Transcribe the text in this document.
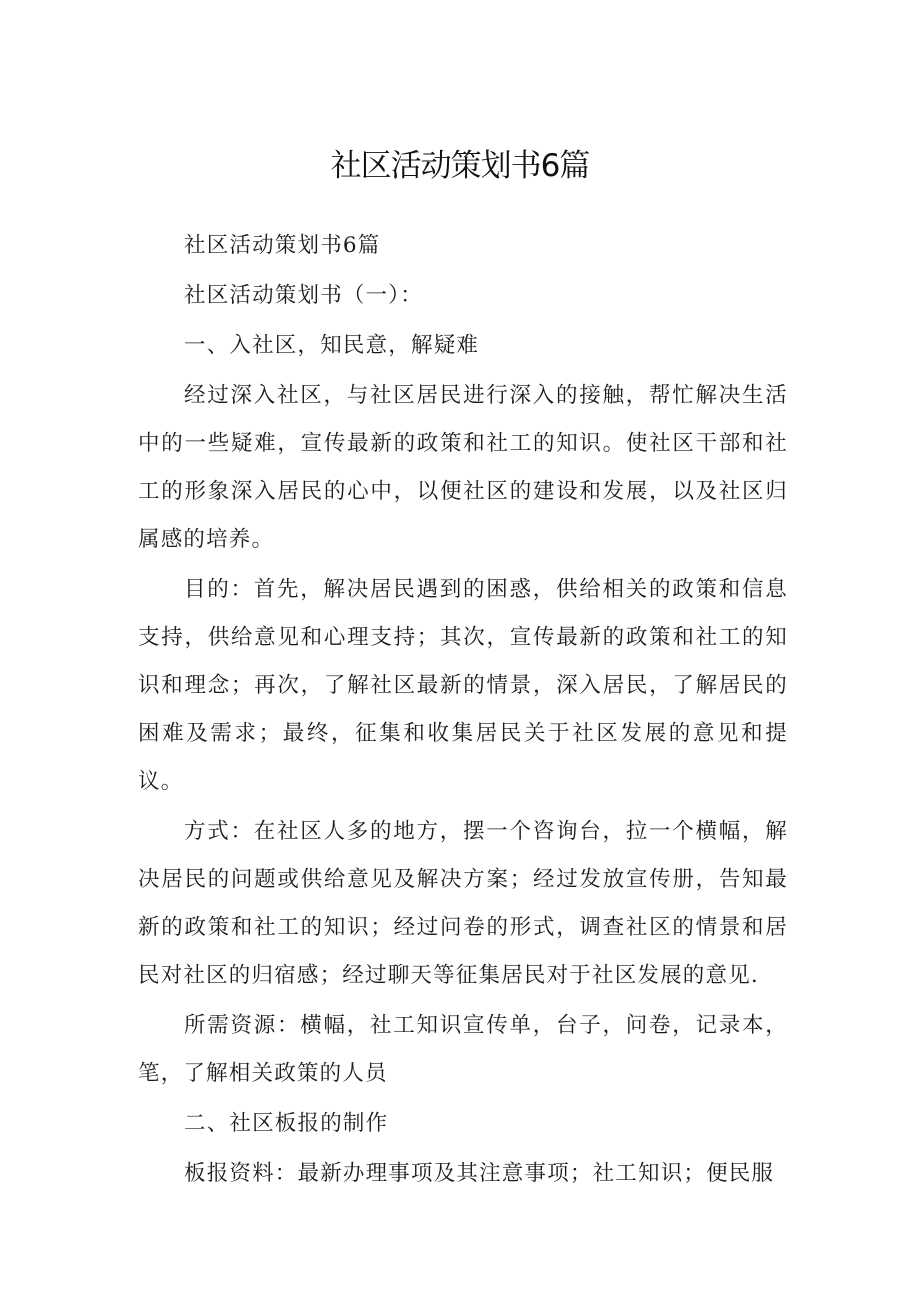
社区活动策划书6篇

社区活动策划书6篇

社区活动策划书（一）：

一、入社区，知民意，解疑难

经过深入社区，与社区居民进行深入的接触，帮忙解决生活中的一些疑难，宣传最新的政策和社工的知识。使社区干部和社工的形象深入居民的心中，以便社区的建设和发展，以及社区归属感的培养。

目的：首先，解决居民遇到的困惑，供给相关的政策和信息支持，供给意见和心理支持；其次，宣传最新的政策和社工的知识和理念；再次，了解社区最新的情景，深入居民，了解居民的困难及需求；最终，征集和收集居民关于社区发展的意见和提议。

方式：在社区人多的地方，摆一个咨询台，拉一个横幅，解决居民的问题或供给意见及解决方案；经过发放宣传册，告知最新的政策和社工的知识；经过问卷的形式，调查社区的情景和居民对社区的归宿感；经过聊天等征集居民对于社区发展的意见.

所需资源：横幅，社工知识宣传单，台子，问卷，记录本，笔，了解相关政策的人员

二、社区板报的制作

板报资料：最新办理事项及其注意事项；社工知识；便民服
